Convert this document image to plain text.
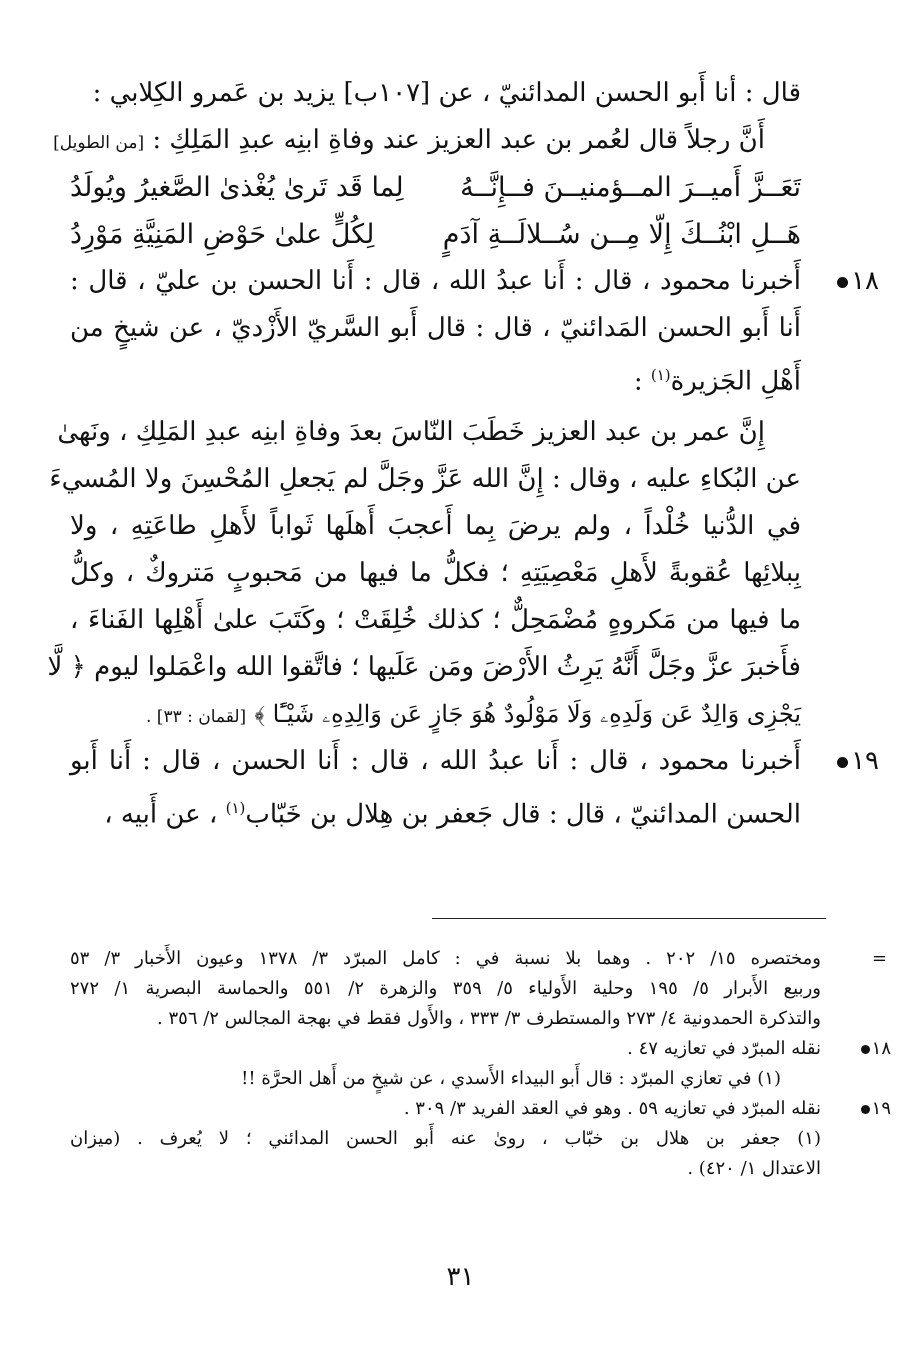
قال : أنا أَبو الحسن المدائنيّ ، عن [١٠٧ب] يزيد بن عَمرو الكِلابي :
أَنَّ رجلاً قال لعُمر بن عبد العزيز عند وفاةِ ابنِه عبدِ المَلِكِ : [من الطويل]
تَعَــزَّ أَميــرَ المــؤمنيــنَ فــإِنَّــهُ
لِما قَد تَرىٰ يُغْذىٰ الصَّغيرُ ويُولَدُ
هَــلِ ابْنُــكَ إِلّا مِــن سُــلالَــةِ آدَمٍ
لِكُلٍّ علىٰ حَوْضِ المَنِيَّةِ مَوْرِدُ
١٨
أَخبرنا محمود ، قال : أَنا عبدُ الله ، قال : أَنا الحسن بن عليّ ، قال :
أَنا أَبو الحسن المَدائنيّ ، قال : قال أَبو السَّريّ الأَزْديّ ، عن شيخٍ من
أَهْلِ الجَزيرة$^{(١)}$ :
إِنَّ عمر بن عبد العزيز خَطَبَ النّاسَ بعدَ وفاةِ ابنِه عبدِ المَلِكِ ، ونَهىٰ
عن البُكاءِ عليه ، وقال : إِنَّ الله عَزَّ وجَلَّ لم يَجعلِ المُحْسِنَ ولا المُسيءَ
في الدُّنيا خُلْداً ، ولم يرضَ بِما أَعجبَ أَهلَها ثَواباً لأَهلِ طاعَتِهِ ، ولا
بِبلائِها عُقوبةً لأَهلِ مَعْصِيَتِهِ ؛ فكلُّ ما فيها من مَحبوبٍ مَتروكٌ ، وكلُّ
ما فيها من مَكروهٍ مُضْمَحِلٌّ ؛ كذلك خُلِقَتْ ؛ وكَتَبَ علىٰ أَهْلِها الفَناءَ ،
فأَخبرَ عزَّ وجَلَّ أَنَّهُ يَرِثُ الأَرْضَ ومَن عَلَيها ؛ فاتَّقوا الله واعْمَلوا ليوم ﴿ لَّا
يَجْزِى وَالِدٌ عَن وَلَدِهِۦ وَلَا مَوْلُودٌ هُوَ جَازٍ عَن وَالِدِهِۦ شَيْـًٔا ﴾ [لقمان : ٣٣] .
١٩
أَخبرنا محمود ، قال : أَنا عبدُ الله ، قال : أَنا الحسن ، قال : أَنا أَبو
الحسن المدائنيّ ، قال : قال جَعفر بن هِلال بن خَبّاب$^{(١)}$ ، عن أَبيه ،
=
ومختصره ١٥/ ٢٠٢ . وهما بلا نسبة في : كامل المبرّد ٣/ ١٣٧٨ وعيون الأَخبار ٣/ ٥٣
وربيع الأَبرار ٥/ ١٩٥ وحلية الأَولياء ٥/ ٣٥٩ والزهرة ٢/ ٥٥١ والحماسة البصرية ١/ ٢٧٢
والتذكرة الحمدونية ٤/ ٢٧٣ والمستطرف ٣/ ٣٣٣ ، والأَول فقط في بهجة المجالس ٢/ ٣٥٦ .
١٨
نقله المبرّد في تعازيه ٤٧ .
(١) في تعازي المبرّد : قال أَبو البيداء الأَسدي ، عن شيخٍ من أَهل الحرَّة !!
١٩
نقله المبرّد في تعازيه ٥٩ . وهو في العقد الفريد ٣/ ٣٠٩ .
(١) جعفر بن هلال بن خبّاب ، روىٰ عنه أَبو الحسن المدائني ؛ لا يُعرف . (ميزان
الاعتدال ١/ ٤٢٠) .
٣١
